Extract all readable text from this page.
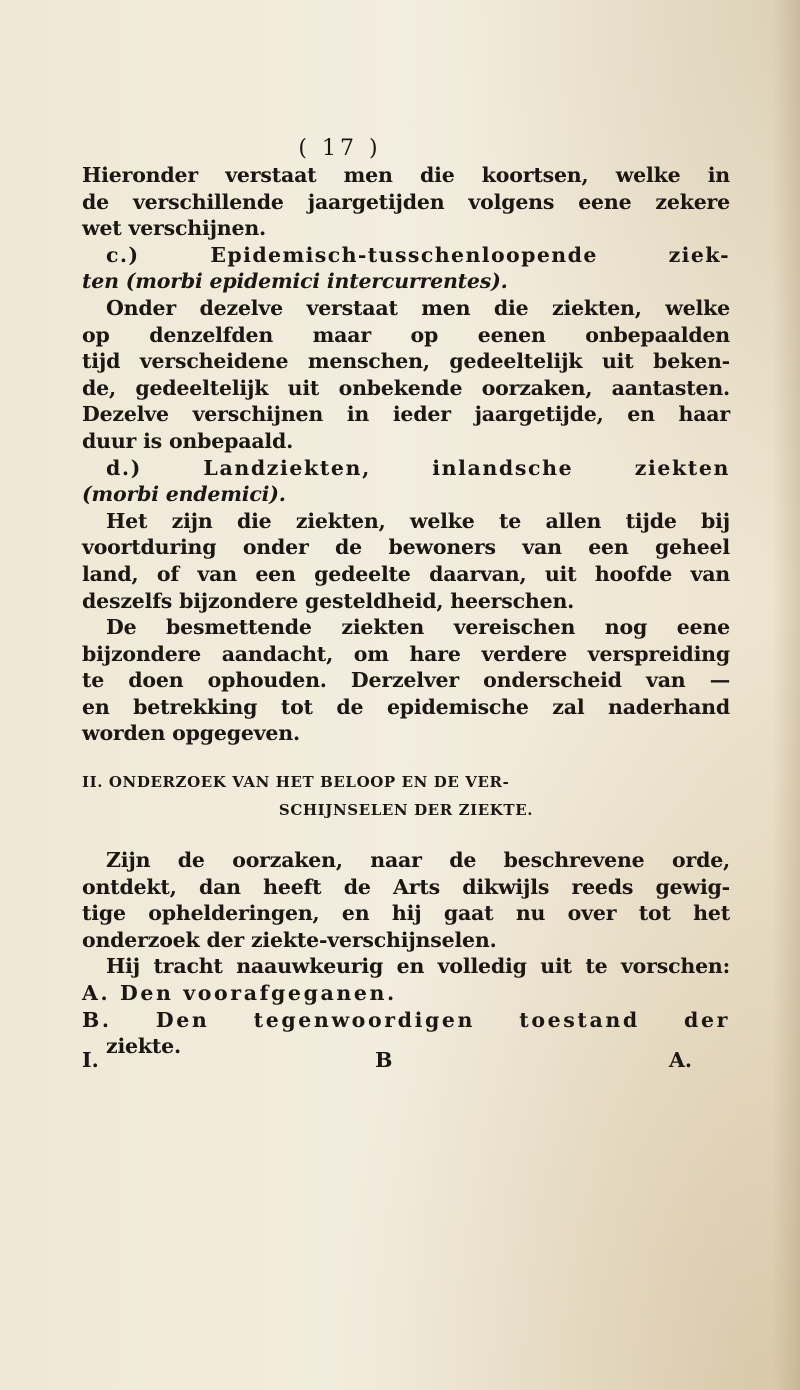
( 17 )
Hieronder verstaat men die koortsen, welke in
de verschillende jaargetijden volgens eene zekere
wet verschijnen.
c.) Epidemisch-tusschenloopende ziek-
ten (morbi epidemici intercurrentes).
Onder dezelve verstaat men die ziekten, welke
op denzelfden maar op eenen onbepaalden
tijd verscheidene menschen, gedeeltelijk uit beken-
de, gedeeltelijk uit onbekende oorzaken, aantasten.
Dezelve verschijnen in ieder jaargetijde, en haar
duur is onbepaald.
d.) Landziekten, inlandsche ziekten
(morbi endemici).
Het zijn die ziekten, welke te allen tijde bij
voortduring onder de bewoners van een geheel
land, of van een gedeelte daarvan, uit hoofde van
deszelfs bijzondere gesteldheid, heerschen.
De besmettende ziekten vereischen nog eene
bijzondere aandacht, om hare verdere verspreiding
te doen ophouden. Derzelver onderscheid van —
en betrekking tot de epidemische zal naderhand
worden opgegeven.
II. ONDERZOEK VAN HET BELOOP EN DE VER-
SCHIJNSELEN DER ZIEKTE.
Zijn de oorzaken, naar de beschrevene orde,
ontdekt, dan heeft de Arts dikwijls reeds gewig-
tige ophelderingen, en hij gaat nu over tot het
onderzoek der ziekte-verschijnselen.
Hij tracht naauwkeurig en volledig uit te vorschen:
A. Den voorafgeganen.
B. Den tegenwoordigen toestand der
ziekte.
I.	B	A.
